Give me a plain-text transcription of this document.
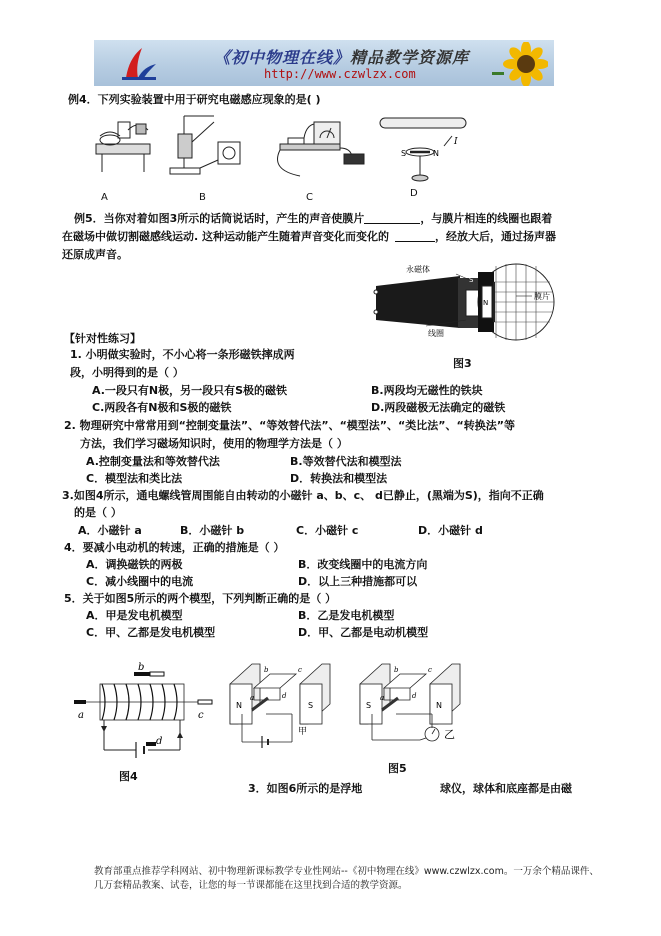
《初中物理在线》精品教学资源库
http://www.czwlzx.com
例4．下列实验装置中用于研究电磁感应现象的是( )
S	N
I
A	B	C	D
例5．当你对着如图3所示的话筒说话时，产生的声音使膜片	，与膜片相连的线圈也跟着
在磁场中做切割磁感线运动. 这种运动能产生随着声音变化而变化的	，经放大后，通过扬声器
还原成声音。
永磁体
膜片
线圈
N
S
图3
【针对性练习】
1. 小明做实验时，不小心将一条形磁铁摔成两
段，小明得到的是（ ）
A.一段只有N极，另一段只有S极的磁铁	B.两段均无磁性的铁块
C.两段各有N极和S极的磁铁	D.两段磁极无法确定的磁铁
2. 物理研究中常常用到“控制变量法”、“等效替代法”、“模型法”、“类比法”、“转换法”等
方法，我们学习磁场知识时，使用的物理学方法是（ ）
A.控制变量法和等效替代法	B.等效替代法和模型法
C．模型法和类比法	D．转换法和模型法
3.如图4所示，通电螺线管周围能自由转动的小磁针 a、b、c、 d已静止，(黑端为S)，指向不正确
的是（ ）
A．小磁针 a	B．小磁针 b	C．小磁针 c	D．小磁针 d
4．要减小电动机的转速，正确的措施是（ ）
A．调换磁铁的两极	B．改变线圈中的电流方向
C．减小线圈中的电流	D．以上三种措施都可以
5．关于如图5所示的两个模型，下列判断正确的是（ ）
A．甲是发电机模型	B．乙是发电机模型
C．甲、乙都是发电机模型	D．甲、乙都是电动机模型
b
a	c
d
图4
N	S	S	N
b	c	b	c
a	d	a	d
甲	乙
图5
3．如图6所示的是浮地	球仪，球体和底座都是由磁
教育部重点推荐学科网站、初中物理新课标教学专业性网站--《初中物理在线》www.czwlzx.com。一万余个精品课件、
几万套精品教案、试卷，让您的每一节课都能在这里找到合适的教学资源。
